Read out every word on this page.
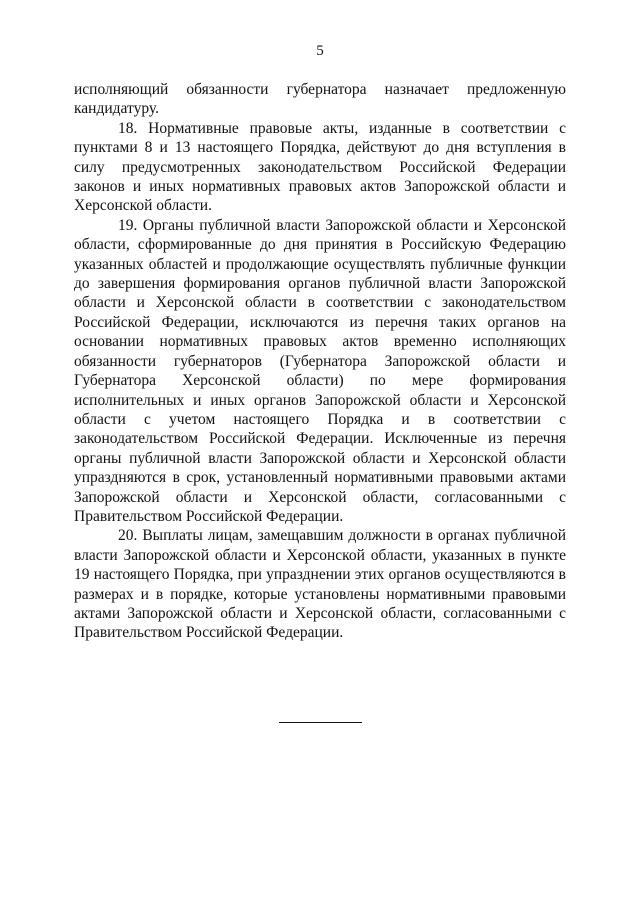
5

исполняющий обязанности губернатора назначает предложенную кандидатуру.

18. Нормативные правовые акты, изданные в соответствии с пунктами 8 и 13 настоящего Порядка, действуют до дня вступления в силу предусмотренных законодательством Российской Федерации законов и иных нормативных правовых актов Запорожской области и Херсонской области.

19. Органы публичной власти Запорожской области и Херсонской области, сформированные до дня принятия в Российскую Федерацию указанных областей и продолжающие осуществлять публичные функции до завершения формирования органов публичной власти Запорожской области и Херсонской области в соответствии с законодательством Российской Федерации, исключаются из перечня таких органов на основании нормативных правовых актов временно исполняющих обязанности губернаторов (Губернатора Запорожской области и Губернатора Херсонской области) по мере формирования исполнительных и иных органов Запорожской области и Херсонской области с учетом настоящего Порядка и в соответствии с законодательством Российской Федерации. Исключенные из перечня органы публичной власти Запорожской области и Херсонской области упраздняются в срок, установленный нормативными правовыми актами Запорожской области и Херсонской области, согласованными с Правительством Российской Федерации.

20. Выплаты лицам, замещавшим должности в органах публичной власти Запорожской области и Херсонской области, указанных в пункте 19 настоящего Порядка, при упразднении этих органов осуществляются в размерах и в порядке, которые установлены нормативными правовыми актами Запорожской области и Херсонской области, согласованными с Правительством Российской Федерации.
